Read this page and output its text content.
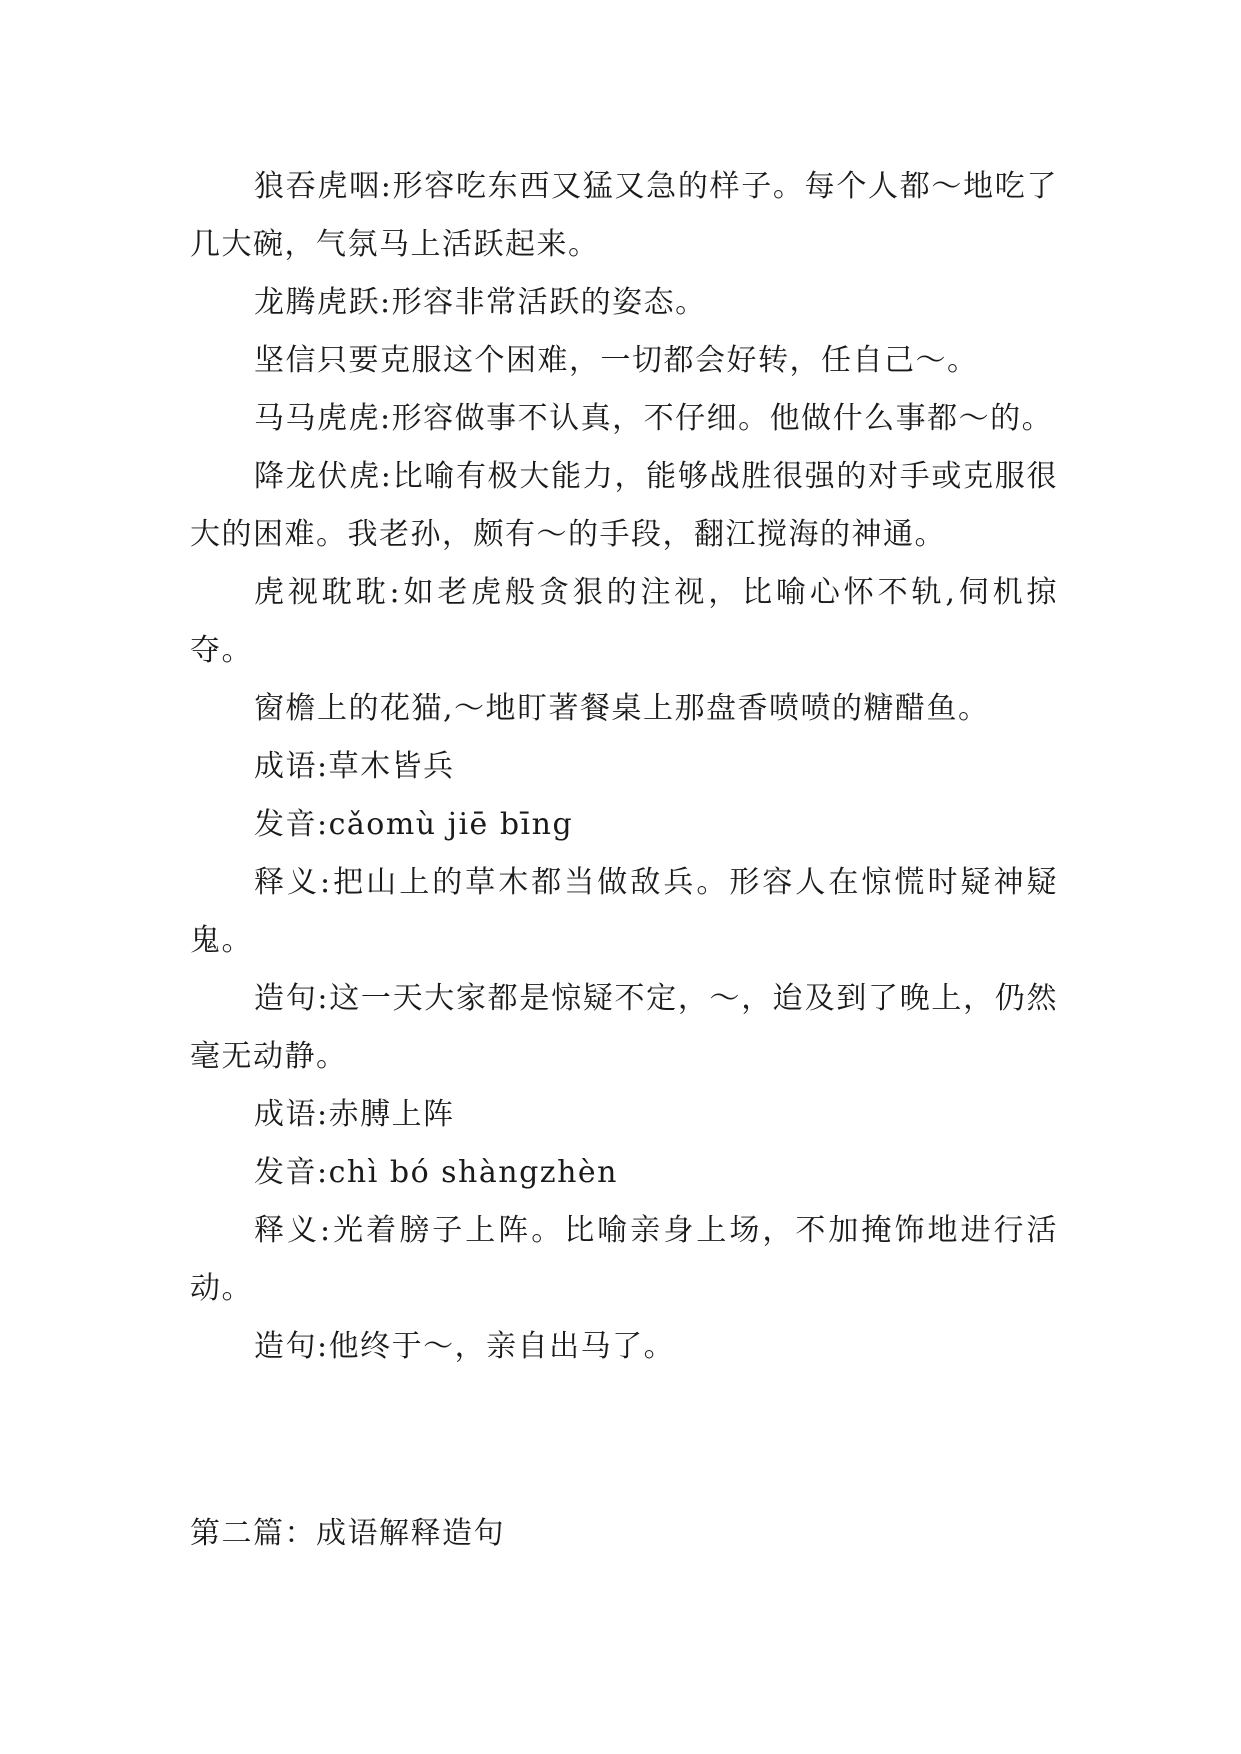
狼吞虎咽:形容吃东西又猛又急的样子。每个人都～地吃了几大碗，气氛马上活跃起来。

龙腾虎跃:形容非常活跃的姿态。

坚信只要克服这个困难，一切都会好转，任自己～。

马马虎虎:形容做事不认真，不仔细。他做什么事都～的。

降龙伏虎:比喻有极大能力，能够战胜很强的对手或克服很大的困难。我老孙，颇有～的手段，翻江搅海的神通。

虎视耽耽:如老虎般贪狠的注视，比喻心怀不轨,伺机掠夺。

窗檐上的花猫,～地盯著餐桌上那盘香喷喷的糖醋鱼。

成语:草木皆兵

发音:cǎomù jiē bīng

释义:把山上的草木都当做敌兵。形容人在惊慌时疑神疑鬼。

造句:这一天大家都是惊疑不定，～，迨及到了晚上，仍然毫无动静。

成语:赤膊上阵

发音:chì bó shàngzhèn

释义:光着膀子上阵。比喻亲身上场，不加掩饰地进行活动。

造句:他终于～，亲自出马了。

第二篇：成语解释造句
